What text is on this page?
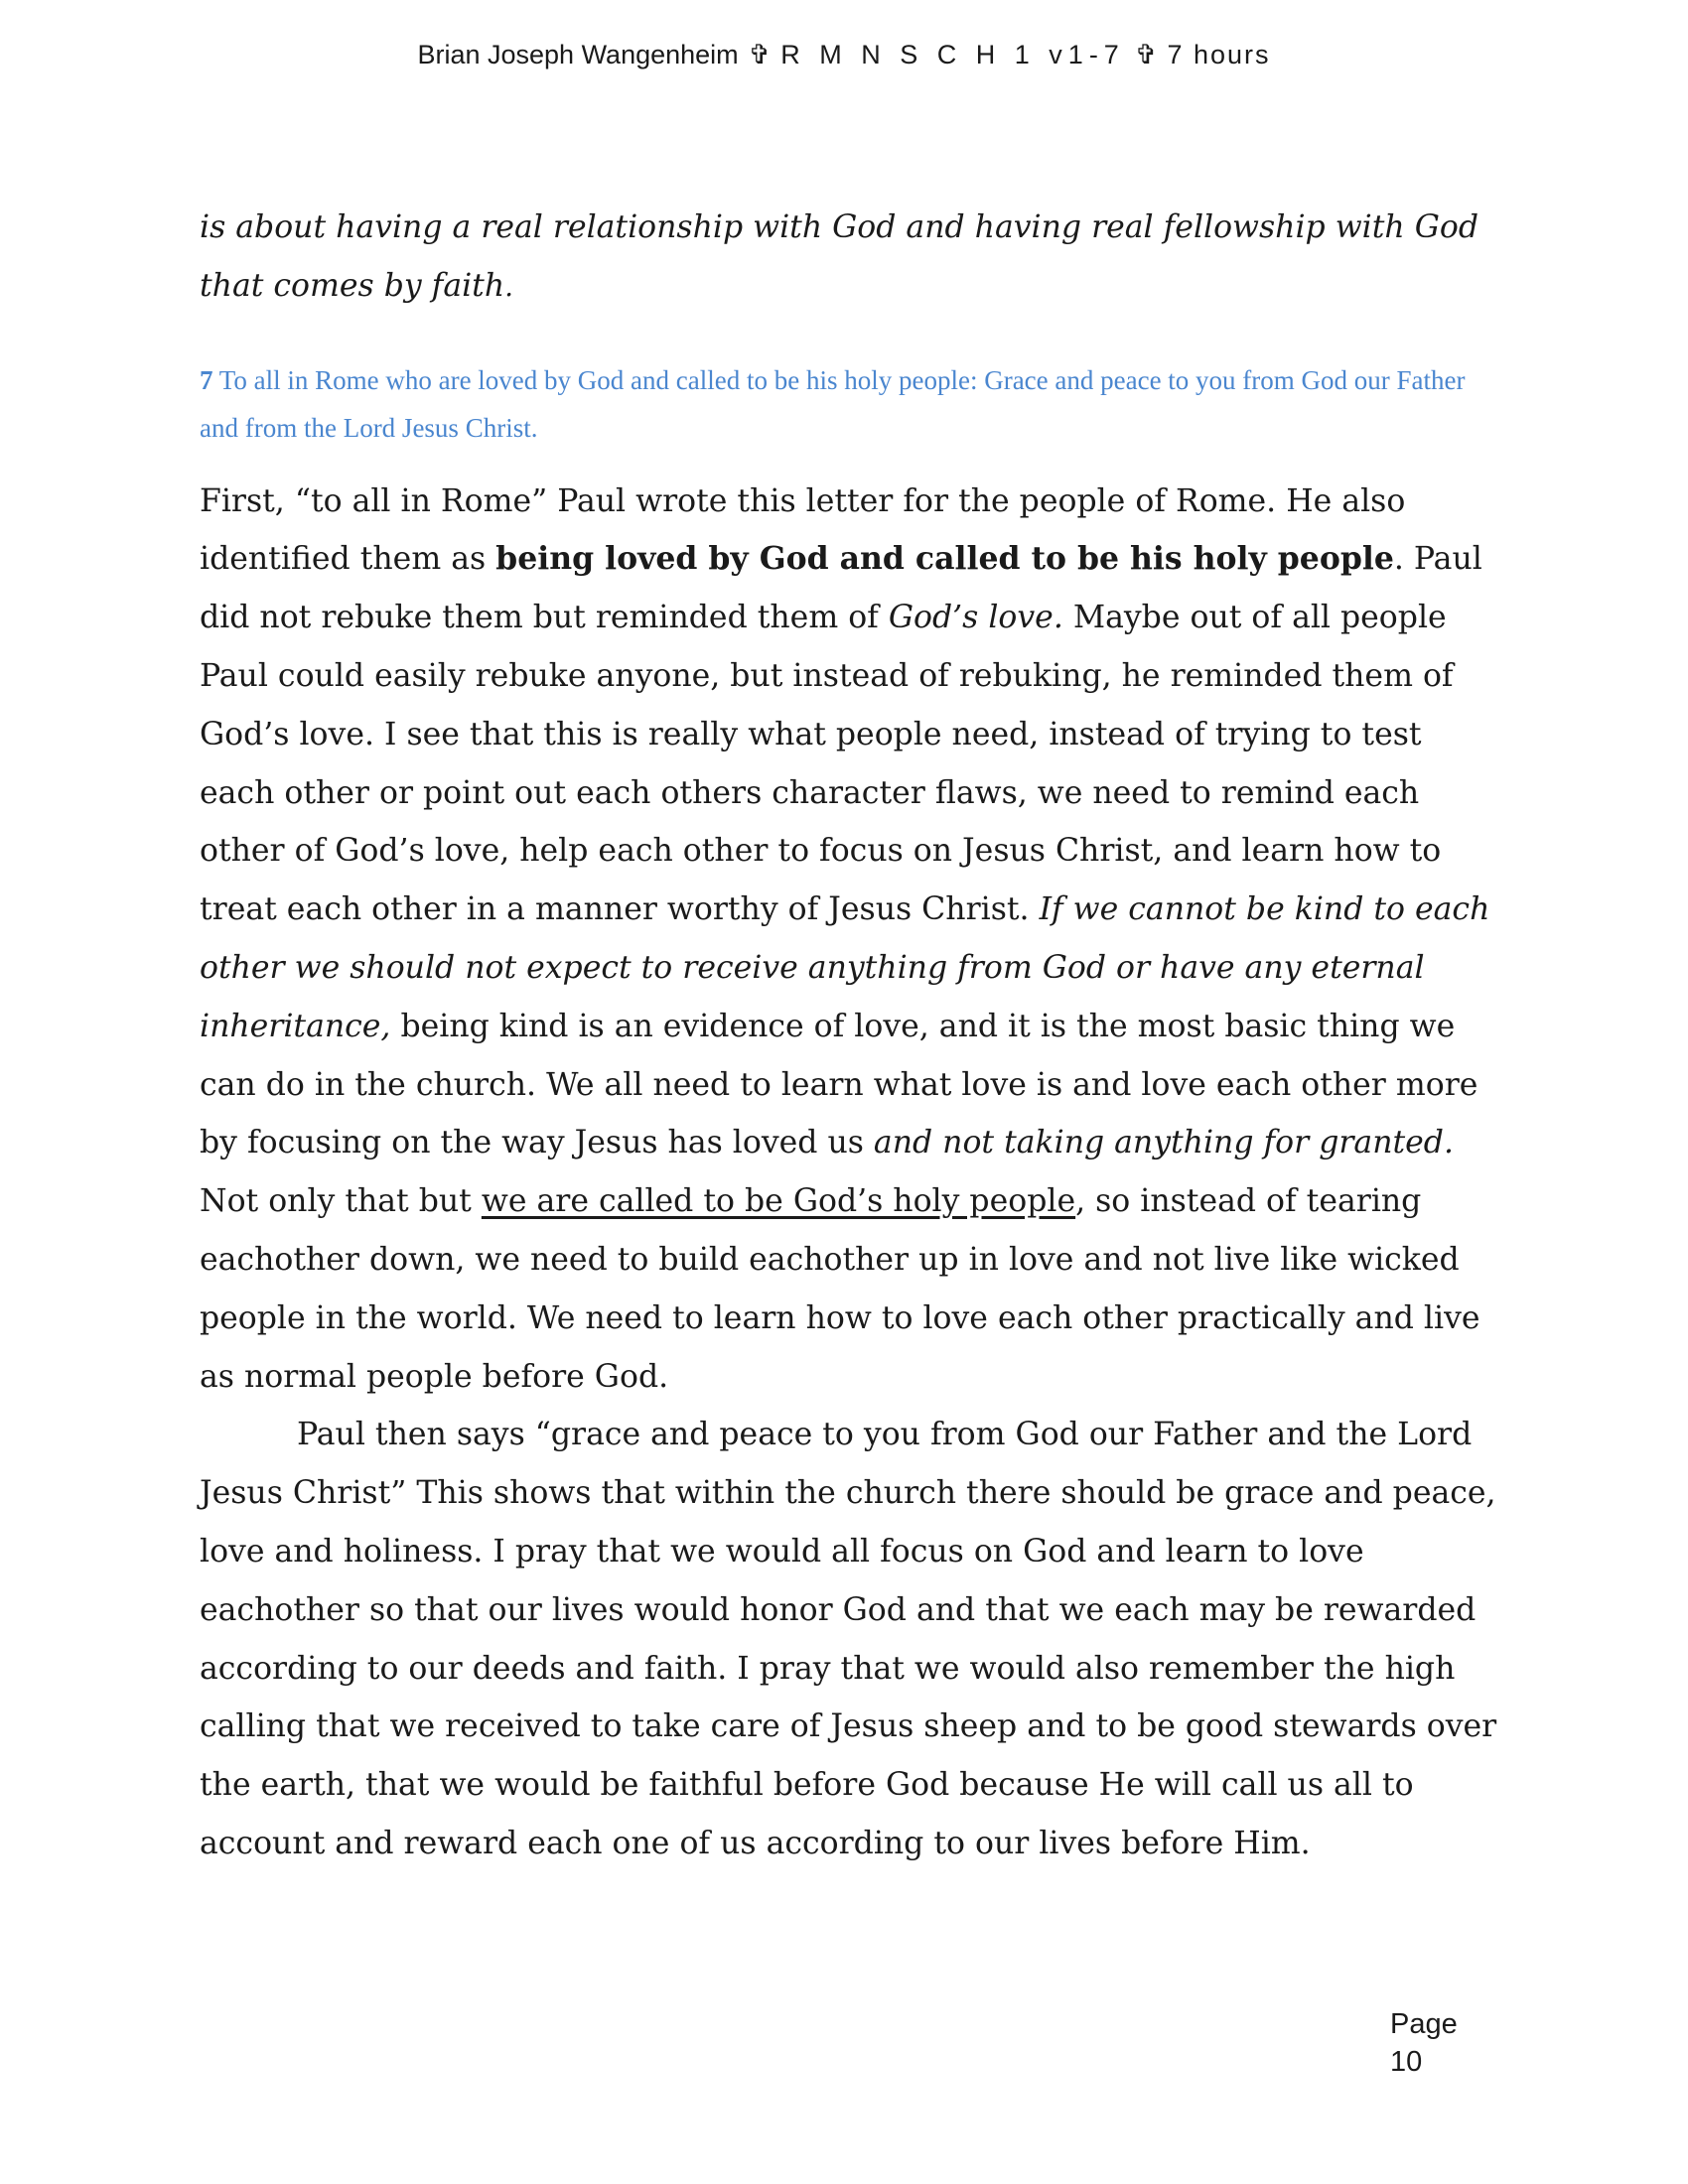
Brian Joseph Wangenheim ✞ R M N S C H 1 v1-7 ✞ 7 hours

is about having a real relationship with God and having real fellowship with God that comes by faith.

7 To all in Rome who are loved by God and called to be his holy people: Grace and peace to you from God our Father and from the Lord Jesus Christ.

First, “to all in Rome” Paul wrote this letter for the people of Rome. He also identified them as being loved by God and called to be his holy people. Paul did not rebuke them but reminded them of God’s love. Maybe out of all people Paul could easily rebuke anyone, but instead of rebuking, he reminded them of God’s love. I see that this is really what people need, instead of trying to test each other or point out each others character flaws, we need to remind each other of God’s love, help each other to focus on Jesus Christ, and learn how to treat each other in a manner worthy of Jesus Christ. If we cannot be kind to each other we should not expect to receive anything from God or have any eternal inheritance, being kind is an evidence of love, and it is the most basic thing we can do in the church. We all need to learn what love is and love each other more by focusing on the way Jesus has loved us and not taking anything for granted. Not only that but we are called to be God’s holy people, so instead of tearing eachother down, we need to build eachother up in love and not live like wicked people in the world. We need to learn how to love each other practically and live as normal people before God.

Paul then says “grace and peace to you from God our Father and the Lord Jesus Christ” This shows that within the church there should be grace and peace, love and holiness. I pray that we would all focus on God and learn to love eachother so that our lives would honor God and that we each may be rewarded according to our deeds and faith. I pray that we would also remember the high calling that we received to take care of Jesus sheep and to be good stewards over the earth, that we would be faithful before God because He will call us all to account and reward each one of us according to our lives before Him.

Page
10
